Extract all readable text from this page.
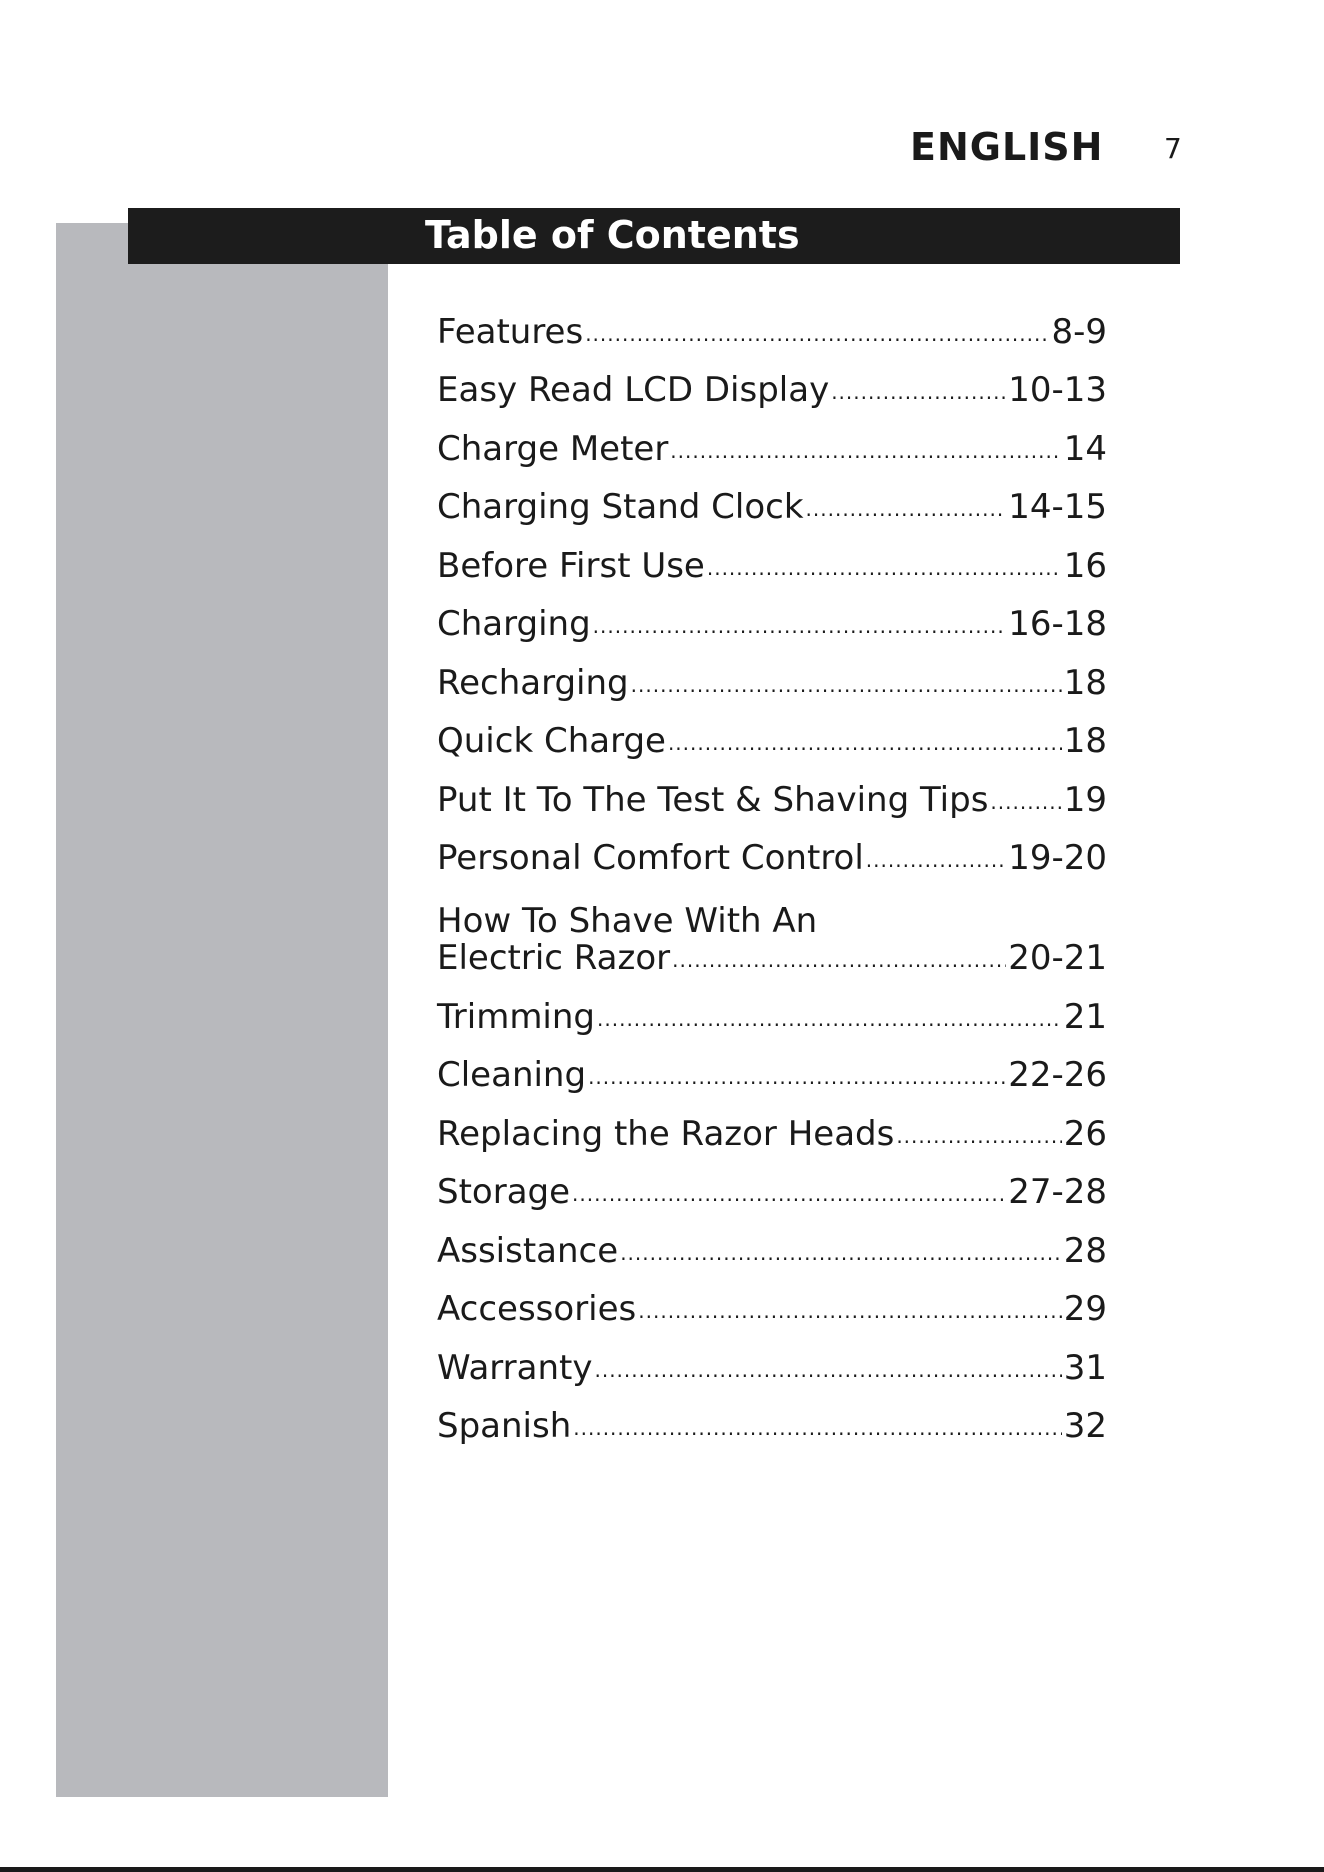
ENGLISH 7
Table of Contents
Features .....	8-9
Easy Read LCD Display .....	10-13
Charge Meter .....	14
Charging Stand Clock .....	14-15
Before First Use .....	16
Charging .....	16-18
Recharging .....	18
Quick Charge .....	18
Put It To The Test & Shaving Tips ..... 19
Personal Comfort Control .....	19-20
How To Shave With An
Electric Razor .....	20-21
Trimming .....	21
Cleaning .....	22-26
Replacing the Razor Heads .....	26
Storage .....	27-28
Assistance .....	28
Accessories .....	29
Warranty .....	31
Spanish .....	32
